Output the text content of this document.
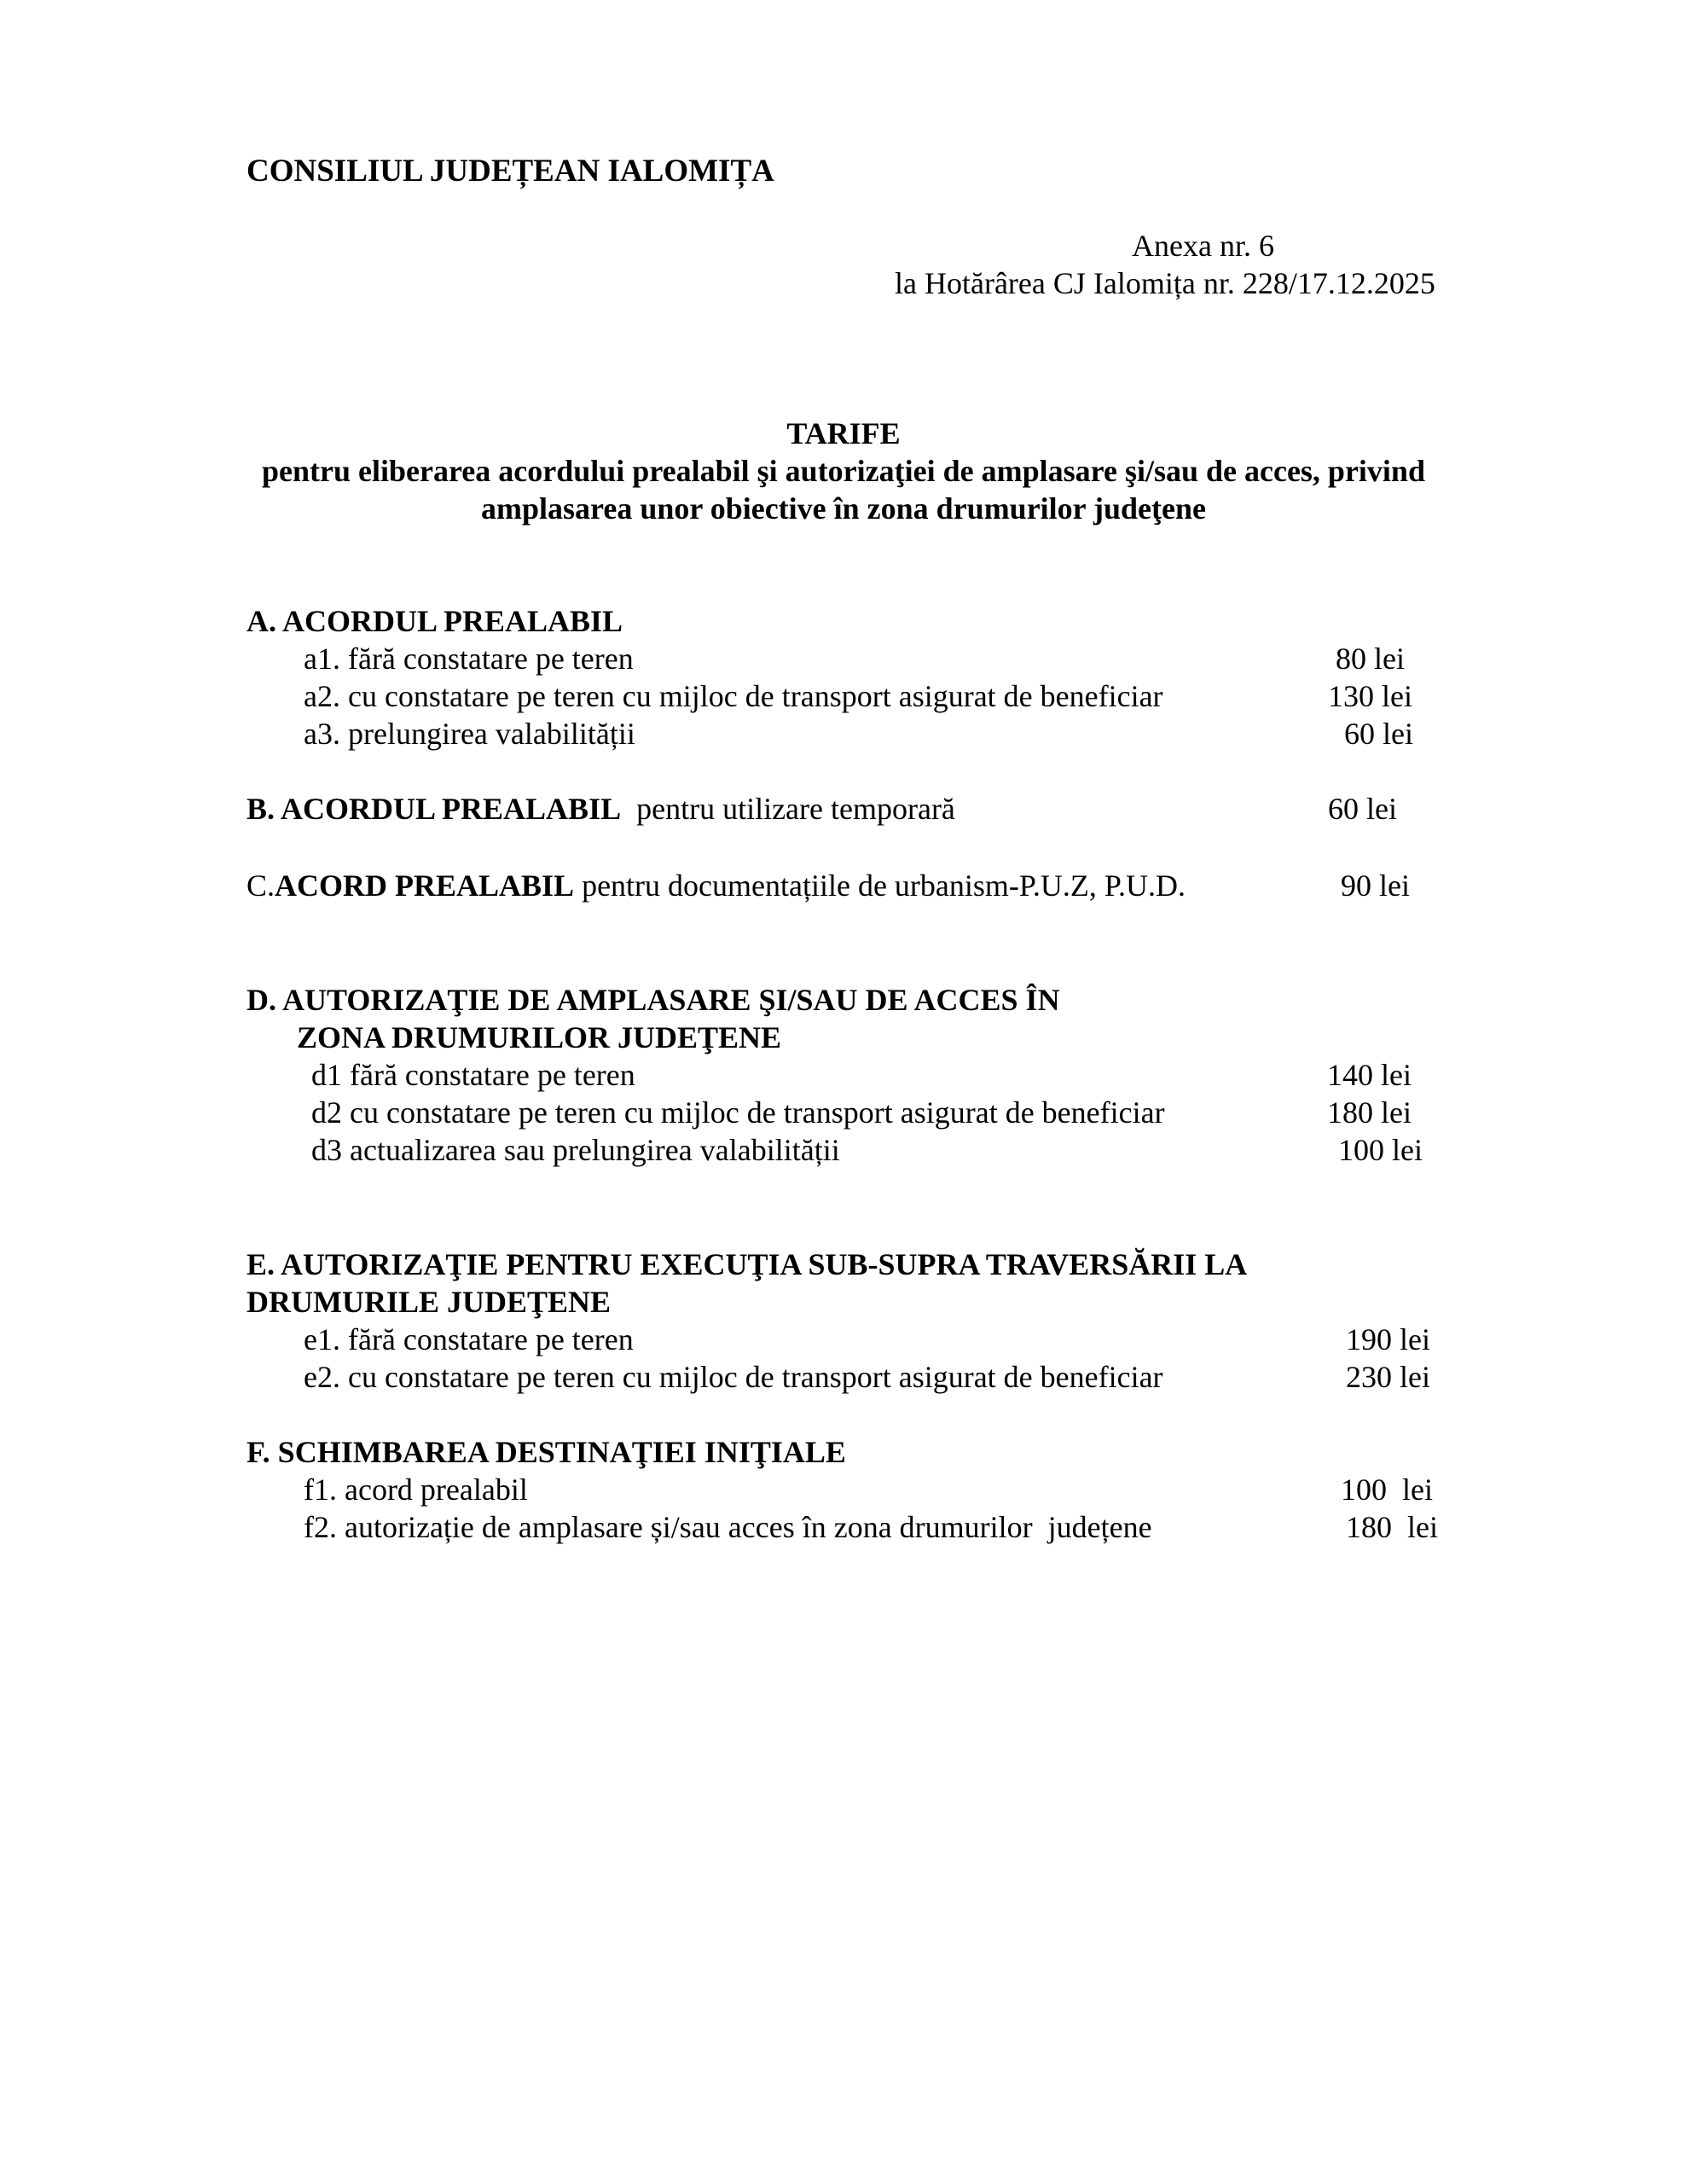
CONSILIUL JUDEȚEAN IALOMIȚA
Anexa nr. 6
la Hotărârea CJ Ialomița nr. 228/17.12.2025
TARIFE
pentru eliberarea acordului prealabil şi autorizaţiei de amplasare şi/sau de acces, privind
amplasarea unor obiective în zona drumurilor judeţene
A. ACORDUL PREALABIL
a1. fără constatare pe teren	80 lei
a2. cu constatare pe teren cu mijloc de transport asigurat de beneficiar	130 lei
a3. prelungirea valabilității	60 lei
B. ACORDUL PREALABIL pentru utilizare temporară	60 lei
C.ACORD PREALABIL pentru documentațiile de urbanism-P.U.Z, P.U.D.	90 lei
D. AUTORIZAŢIE DE AMPLASARE ŞI/SAU DE ACCES ÎN
ZONA DRUMURILOR JUDEŢENE
d1 fără constatare pe teren	140 lei
d2 cu constatare pe teren cu mijloc de transport asigurat de beneficiar	180 lei
d3 actualizarea sau prelungirea valabilității	100 lei
E. AUTORIZAŢIE PENTRU EXECUŢIA SUB-SUPRA TRAVERSĂRII LA
DRUMURILE JUDEŢENE
e1. fără constatare pe teren	190 lei
e2. cu constatare pe teren cu mijloc de transport asigurat de beneficiar	230 lei
F. SCHIMBAREA DESTINAŢIEI INIŢIALE
f1. acord prealabil	100  lei
f2. autorizație de amplasare și/sau acces în zona drumurilor  județene	180  lei
